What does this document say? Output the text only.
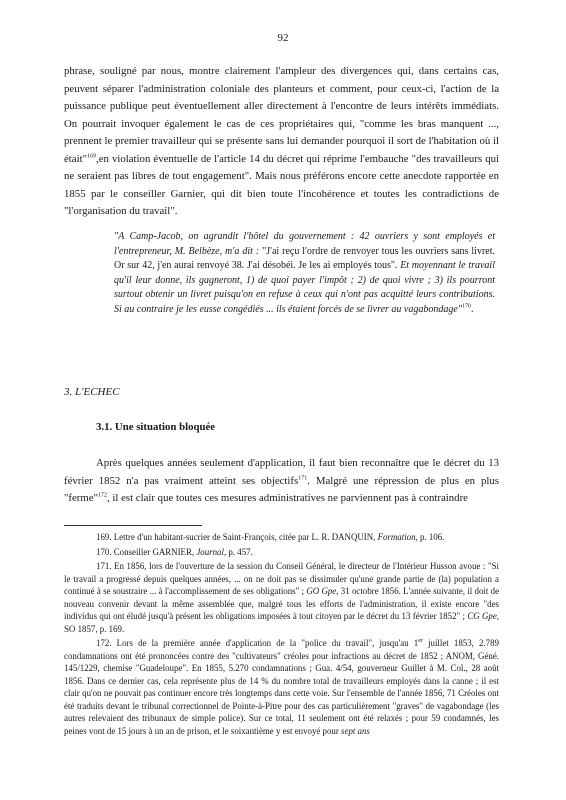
92
phrase, souligné par nous, montre clairement l'ampleur des divergences qui, dans certains cas, peuvent séparer l'administration coloniale des planteurs et comment, pour ceux-ci, l'action de la puissance publique peut éventuellement aller directement à l'encontre de leurs intérêts immédiats. On pourrait invoquer également le cas de ces propriétaires qui, "comme les bras manquent ..., prennent le premier travailleur qui se présente sans lui demander pourquoi il sort de l'habitation où il était"$^{169}$,en violation éventuelle de l'article 14 du décret qui réprime l'embauche "des travailleurs qui ne seraient pas libres de tout engagement". Mais nous préférons encore cette anecdote rapportée en 1855 par le conseiller Garnier, qui dit bien toute l'incohérence et toutes les contradictions de "l'organisation du travail".
"A Camp-Jacob, on agrandit l'hôtel du gouvernement : 42 ouvriers y sont employés et l'entrepreneur, M. Belbèze, m'a dit : "J'ai reçu l'ordre de renvoyer tous les ouvriers sans livret. Or sur 42, j'en aurai renvoyé 38. J'ai désobéi. Je les ai employés tous". Et moyennant le travail qu'il leur donne, ils gagneront, 1) de quoi payer l'impôt ; 2) de quoi vivre ; 3) ils pourront surtout obtenir un livret puisqu'on en refuse à ceux qui n'ont pas acquitté leurs contributions. Si au contraire je les eusse congédiés ... ils étaient forcés de se livrer au vagabondage"$^{170}$.
3. L'ECHEC
3.1. Une situation bloquée
Après quelques années seulement d'application, il faut bien reconnaître que le décret du 13 février 1852 n'a pas vraiment atteint ses objectifs$^{171}$. Malgré une répression de plus en plus "ferme"$^{172}$, il est clair que toutes ces mesures administratives ne parviennent pas à contraindre

169. Lettre d'un habitant-sucrier de Saint-François, citée par L. R. DANQUIN, Formation, p. 106.

170. Conseiller GARNIER, Journal, p. 457.

171. En 1856, lors de l'ouverture de la session du Conseil Général, le directeur de l'Intérieur Husson avoue : "Si le travail a progressé depuis quelques années, ... on ne doit pas se dissimuler qu'une grande partie de (la) population a continué à se soustraire ... à l'accomplissement de ses obligations" ; GO Gpe, 31 octobre 1856. L'année suivante, il doit de nouveau convenir devant la même assemblée que, malgré tous les efforts de l'administration, il existe encore "des individus qui ont éludé jusqu'à présent les obligations imposées à tout citoyen par le décret du 13 février 1852" ; CG Gpe, SO 1857, p. 169.

172. Lors de la première année d'application de la "police du travail", jusqu'au 1er juillet 1853, 2.789 condamnations ont été prononcées contre des "cultivateurs" créoles pour infractions au décret de 1852 ; ANOM, Géné. 145/1229, chemise "Guadeloupe". En 1855, 5.270 condamnations ; Gua. 4/54, gouverneur Guillet à M. Col., 28 août 1856. Dans ce dernier cas, cela représente plus de 14 % du nombre total de travailleurs employés dans la canne ; il est clair qu'on ne pouvait pas continuer encore très longtemps dans cette voie. Sur l'ensemble de l'année 1856, 71 Créoles ont été traduits devant le tribunal correctionnel de Pointe-à-Pitre pour des cas particulièrement "graves" de vagabondage (les autres relevaient des tribunaux de simple police). Sur ce total, 11 seulement ont été relaxés ; pour 59 condamnés, les peines vont de 15 jours à un an de prison, et le soixantième y est envoyé pour sept ans
